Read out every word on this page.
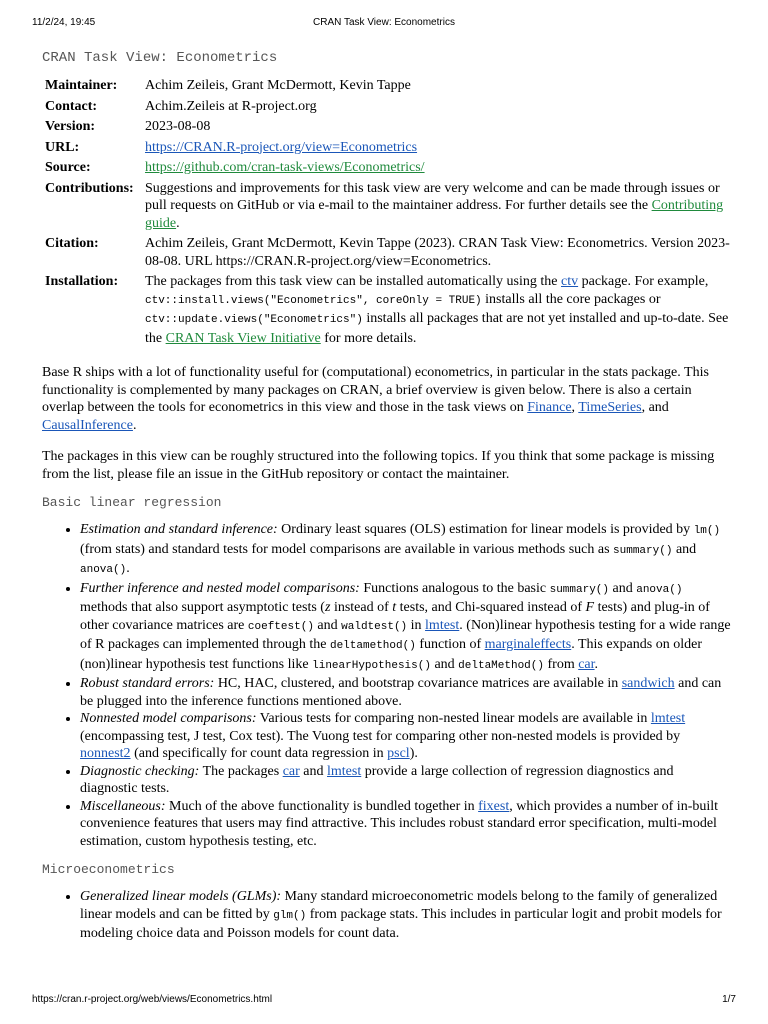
11/2/24, 19:45	CRAN Task View: Econometrics
CRAN Task View: Econometrics
Maintainer:	Achim Zeileis, Grant McDermott, Kevin Tappe
Contact:	Achim.Zeileis at R-project.org
Version:	2023-08-08
URL:	https://CRAN.R-project.org/view=Econometrics
Source:	https://github.com/cran-task-views/Econometrics/
Contributions:	Suggestions and improvements for this task view are very welcome and can be made through issues or pull requests on GitHub or via e-mail to the maintainer address. For further details see the Contributing guide.
Citation:	Achim Zeileis, Grant McDermott, Kevin Tappe (2023). CRAN Task View: Econometrics. Version 2023-08-08. URL https://CRAN.R-project.org/view=Econometrics.
Installation:	The packages from this task view can be installed automatically using the ctv package. For example, ctv::install.views("Econometrics", coreOnly = TRUE) installs all the core packages or ctv::update.views("Econometrics") installs all packages that are not yet installed and up-to-date. See the CRAN Task View Initiative for more details.

Base R ships with a lot of functionality useful for (computational) econometrics, in particular in the stats package. This functionality is complemented by many packages on CRAN, a brief overview is given below. There is also a certain overlap between the tools for econometrics in this view and those in the task views on Finance, TimeSeries, and CausalInference.

The packages in this view can be roughly structured into the following topics. If you think that some package is missing from the list, please file an issue in the GitHub repository or contact the maintainer.

Basic linear regression
• Estimation and standard inference: Ordinary least squares (OLS) estimation for linear models is provided by lm() (from stats) and standard tests for model comparisons are available in various methods such as summary() and anova().
• Further inference and nested model comparisons: Functions analogous to the basic summary() and anova() methods that also support asymptotic tests (z instead of t tests, and Chi-squared instead of F tests) and plug-in of other covariance matrices are coeftest() and waldtest() in lmtest. (Non)linear hypothesis testing for a wide range of R packages can implemented through the deltamethod() function of marginaleffects. This expands on older (non)linear hypothesis test functions like linearHypothesis() and deltaMethod() from car.
• Robust standard errors: HC, HAC, clustered, and bootstrap covariance matrices are available in sandwich and can be plugged into the inference functions mentioned above.
• Nonnested model comparisons: Various tests for comparing non-nested linear models are available in lmtest (encompassing test, J test, Cox test). The Vuong test for comparing other non-nested models is provided by nonnest2 (and specifically for count data regression in pscl).
• Diagnostic checking: The packages car and lmtest provide a large collection of regression diagnostics and diagnostic tests.
• Miscellaneous: Much of the above functionality is bundled together in fixest, which provides a number of in-built convenience features that users may find attractive. This includes robust standard error specification, multi-model estimation, custom hypothesis testing, etc.
Microeconometrics
• Generalized linear models (GLMs): Many standard microeconometric models belong to the family of generalized linear models and can be fitted by glm() from package stats. This includes in particular logit and probit models for modeling choice data and Poisson models for count data.
https://cran.r-project.org/web/views/Econometrics.html	1/7
